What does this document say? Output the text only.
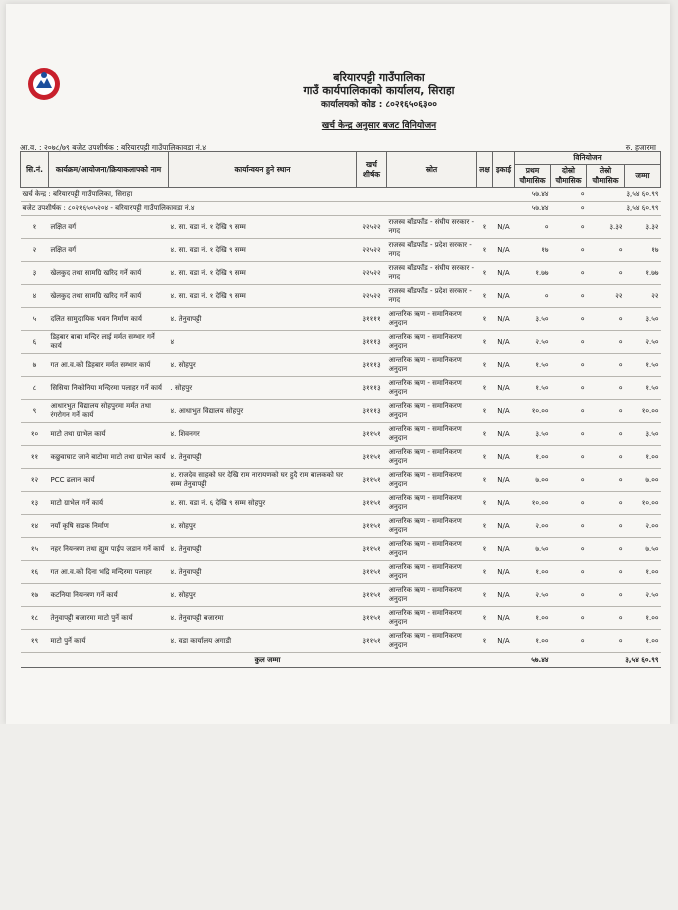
बरियारपट्टी गाउँपालिका
गाउँ कार्यपालिकाको कार्यालय, सिराहा
कार्यालयको कोड : ८०२१६५०६३००
खर्च केन्द्र अनुसार बजट विनियोजन
आ.व. : २०७८/७९ बजेट उपशीर्षक : बरियारपट्टी गाउँपालिकावडा नं.४	रु. हजारमा
सि.नं.	कार्यक्रम/आयोजना/क्रियाकलापको नाम	कार्यान्वयन हुने स्थान	खर्च शीर्षक	स्रोत	लक्ष	इकाई	विनियोजन			
							प्रथम चौमासिक	दोस्रो चौमासिक	तेस्रो चौमासिक	जम्मा
खर्च केन्द्र : बरियारपट्टी गाउँपालिका, सिराहा							५७.४४	०	३,५४ ६०.९९	
बजेट उपशीर्षक : ८०२१६५०५२०४ - बरियारपट्टी गाउँपालिकावडा नं.४							५७.४४	०	३,५४ ६०.९९	
१	लक्षित वर्ग	४. सा. वडा नं. १ देखि ९ सम्म	२२५२२	राजस्व बाँडफाँड - संघीय सरकार - नगद	१	N/A	०	०	३.३२	३.३२
२	लक्षित वर्ग	४. सा. वडा नं. १ देखि ९ सम्म	२२५२२	राजस्व बाँडफाँड - प्रदेश सरकार - नगद	१	N/A	१७	०	०	१७
३	खेलकुद तथा सामग्रि खरिद गर्ने कार्य	४. सा. वडा नं. १ देखि ९ सम्म	२२५२२	राजस्व बाँडफाँड - संघीय सरकार - नगद	१	N/A	१.७७	०	०	१.७७
४	खेलकुद तथा सामग्रि खरिद गर्ने कार्य	४. सा. वडा नं. १ देखि ९ सम्म	२२५२२	राजस्व बाँडफाँड - प्रदेश सरकार - नगद	१	N/A	०	०	२२	२२
५	दलित सामुदायिक भवन निर्माण कार्य	४. तेनुवापट्टी	३११११	आन्तरिक ऋण - समानिकरण अनुदान	१	N/A	३.५०	०	०	३.५०
६	डिहबार बाबा मन्दिर लाई मर्मत सम्भार गर्ने कार्य	४	३१११३	आन्तरिक ऋण - समानिकरण अनुदान	१	N/A	२.५०	०	०	२.५०
७	गत आ.व.को डिहबार मर्मत सम्भार कार्य	४. सोहपुर	३१११३	आन्तरिक ऋण - समानिकरण अनुदान	१	N/A	१.५०	०	०	१.५०
८	सिसिया निकोनिया मन्दिरमा पलाहर गर्ने कार्य	. सोहपुर	३१११३	आन्तरिक ऋण - समानिकरण अनुदान	१	N/A	१.५०	०	०	१.५०
९	आधारभुत विद्यालय सोहपुरमा मर्मत तथा रंगरोगन गर्ने कार्य	४. आधाभुत विद्यालय सोहपुर	३१११३	आन्तरिक ऋण - समानिकरण अनुदान	१	N/A	१०.००	०	०	१०.००
१०	माटो तथा ग्राभेल कार्य	४. शिवनगर	३११५१	आन्तरिक ऋण - समानिकरण अनुदान	१	N/A	३.५०	०	०	३.५०
११	कछुवाघाट जाने बाटोमा माटो तथा ग्राभेल कार्य	४. तेनुवापट्टी	३११५१	आन्तरिक ऋण - समानिकरण अनुदान	१	N/A	१.००	०	०	१.००
१२	PCC ढलान कार्य	४. राजदेव साहको घर देखि राम नारायणको घर हुदै राम बालकको घर सम्म तेनुवापट्टी	३११५१	आन्तरिक ऋण - समानिकरण अनुदान	१	N/A	७.००	०	०	७.००
१३	माटो ग्राभेल गर्ने कार्य	४. सा. वडा नं. ६ देखि ९ सम्म सोहपुर	३११५१	आन्तरिक ऋण - समानिकरण अनुदान	१	N/A	१०.००	०	०	१०.००
१४	नयाँ कृषि सडक निर्माण	४. सोहपुर	३११५१	आन्तरिक ऋण - समानिकरण अनुदान	१	N/A	२.००	०	०	२.००
१५	नहर नियन्त्रण तथा ह्युम पाईप जडान गर्ने कार्य	४. तेनुवापट्टी	३११५१	आन्तरिक ऋण - समानिकरण अनुदान	१	N/A	७.५०	०	०	७.५०
१६	गत आ.व.को दिना भद्रि मन्दिरमा पलाहर	४. तेनुवापट्टी	३११५१	आन्तरिक ऋण - समानिकरण अनुदान	१	N/A	१.००	०	०	१.००
१७	कटनिया नियन्त्रण गर्ने कार्य	४. सोहपुर	३११५१	आन्तरिक ऋण - समानिकरण अनुदान	१	N/A	२.५०	०	०	२.५०
१८	तेनुवापट्टी बजारमा माटो पुर्ने कार्य	४. तेनुवापट्टी बजारमा	३११५१	आन्तरिक ऋण - समानिकरण अनुदान	१	N/A	१.००	०	०	१.००
१९	माटो पुर्ने कार्य	४. वडा कार्यालय अगाडी	३११५१	आन्तरिक ऋण - समानिकरण अनुदान	१	N/A	१.००	०	०	१.००
कुल जम्मा							५७.४४		३,५४ ६०.९९	
